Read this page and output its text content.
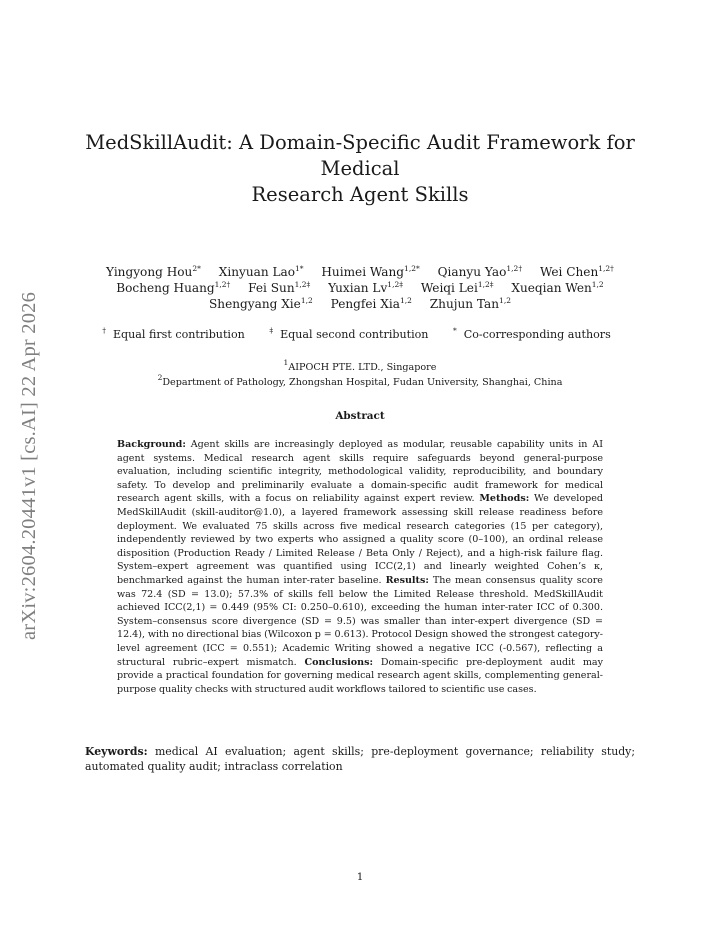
arXiv:2604.20441v1 [cs.AI] 22 Apr 2026
MedSkillAudit: A Domain-Specific Audit Framework for Medical
Research Agent Skills
Yingyong Hou$^{2*}$ Xinyuan Lao$^{1*}$ Huimei Wang$^{1,2*}$ Qianyu Yao$^{1,2\dagger}$ Wei Chen$^{1,2\dagger}$
Bocheng Huang$^{1,2\dagger}$ Fei Sun$^{1,2\ddagger}$ Yuxian $Lv^{1,2\ddagger}$ Weiqi Lei$^{1,2\ddagger}$ Xueqian Wen$^{1,2}$
Shengyang Xie$^{1,2}$ Pengfei Xia$^{1,2}$ Zhujun Tan$^{1,2}$
† Equal first contribution	‡ Equal second contribution	* Co-corresponding authors
$^1$AIPOCH PTE. LTD., Singapore
$^2$Department of Pathology, Zhongshan Hospital, Fudan University, Shanghai, China
Abstract
Background: Agent skills are increasingly deployed as modular, reusable capability units in AI agent systems. Medical research agent skills require safeguards beyond general-purpose evaluation, including scientific integrity, methodological validity, reproducibility, and boundary safety. To develop and preliminarily evaluate a domain-specific audit framework for medical research agent skills, with a focus on reliability against expert review. Methods: We developed MedSkillAudit (skill-auditor@1.0), a layered framework assessing skill release readiness before deployment. We evaluated 75 skills across five medical research categories (15 per category), independently reviewed by two experts who assigned a quality score (0–100), an ordinal release disposition (Production Ready / Limited Release / Beta Only / Reject), and a high-risk failure flag. System–expert agreement was quantified using ICC(2,1) and linearly weighted Cohen’s κ, benchmarked against the human inter-rater baseline. Results: The mean consensus quality score was 72.4 (SD = 13.0); 57.3% of skills fell below the Limited Release threshold. MedSkillAudit achieved ICC(2,1) = 0.449 (95% CI: 0.250–0.610), exceeding the human inter-rater ICC of 0.300. System–consensus score divergence (SD = 9.5) was smaller than inter-expert divergence (SD = 12.4), with no directional bias (Wilcoxon p = 0.613). Protocol Design showed the strongest category-level agreement (ICC = 0.551); Academic Writing showed a negative ICC (-0.567), reflecting a structural rubric–expert mismatch. Conclusions: Domain-specific pre-deployment audit may provide a practical foundation for governing medical research agent skills, complementing general-purpose quality checks with structured audit workflows tailored to scientific use cases.
Keywords: medical AI evaluation; agent skills; pre-deployment governance; reliability study; automated quality audit; intraclass correlation
1
